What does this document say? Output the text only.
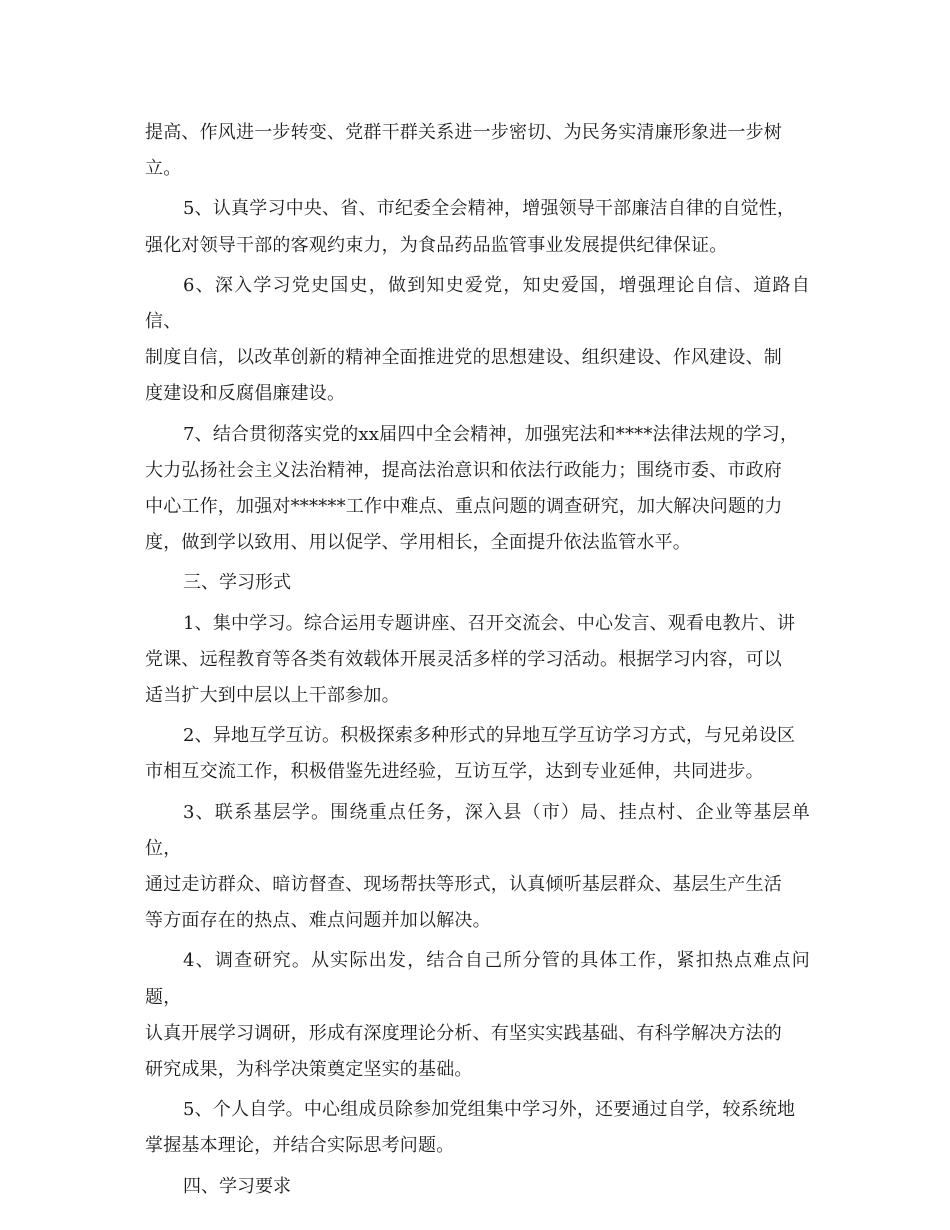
提高、作风进一步转变、党群干群关系进一步密切、为民务实清廉形象进一步树
立。

5、认真学习中央、省、市纪委全会精神，增强领导干部廉洁自律的自觉性，
强化对领导干部的客观约束力，为食品药品监管事业发展提供纪律保证。

6、深入学习党史国史，做到知史爱党，知史爱国，增强理论自信、道路自信、
制度自信，以改革创新的精神全面推进党的思想建设、组织建设、作风建设、制
度建设和反腐倡廉建设。

7、结合贯彻落实党的xx届四中全会精神，加强宪法和****法律法规的学习，
大力弘扬社会主义法治精神，提高法治意识和依法行政能力；围绕市委、市政府
中心工作，加强对******工作中难点、重点问题的调查研究，加大解决问题的力
度，做到学以致用、用以促学、学用相长，全面提升依法监管水平。

三、学习形式

1、集中学习。综合运用专题讲座、召开交流会、中心发言、观看电教片、讲
党课、远程教育等各类有效载体开展灵活多样的学习活动。根据学习内容，可以
适当扩大到中层以上干部参加。

2、异地互学互访。积极探索多种形式的异地互学互访学习方式，与兄弟设区
市相互交流工作，积极借鉴先进经验，互访互学，达到专业延伸，共同进步。

3、联系基层学。围绕重点任务，深入县（市）局、挂点村、企业等基层单位，
通过走访群众、暗访督查、现场帮扶等形式，认真倾听基层群众、基层生产生活
等方面存在的热点、难点问题并加以解决。

4、调查研究。从实际出发，结合自己所分管的具体工作，紧扣热点难点问题，
认真开展学习调研，形成有深度理论分析、有坚实实践基础、有科学解决方法的
研究成果，为科学决策奠定坚实的基础。

5、个人自学。中心组成员除参加党组集中学习外，还要通过自学，较系统地
掌握基本理论，并结合实际思考问题。

四、学习要求
